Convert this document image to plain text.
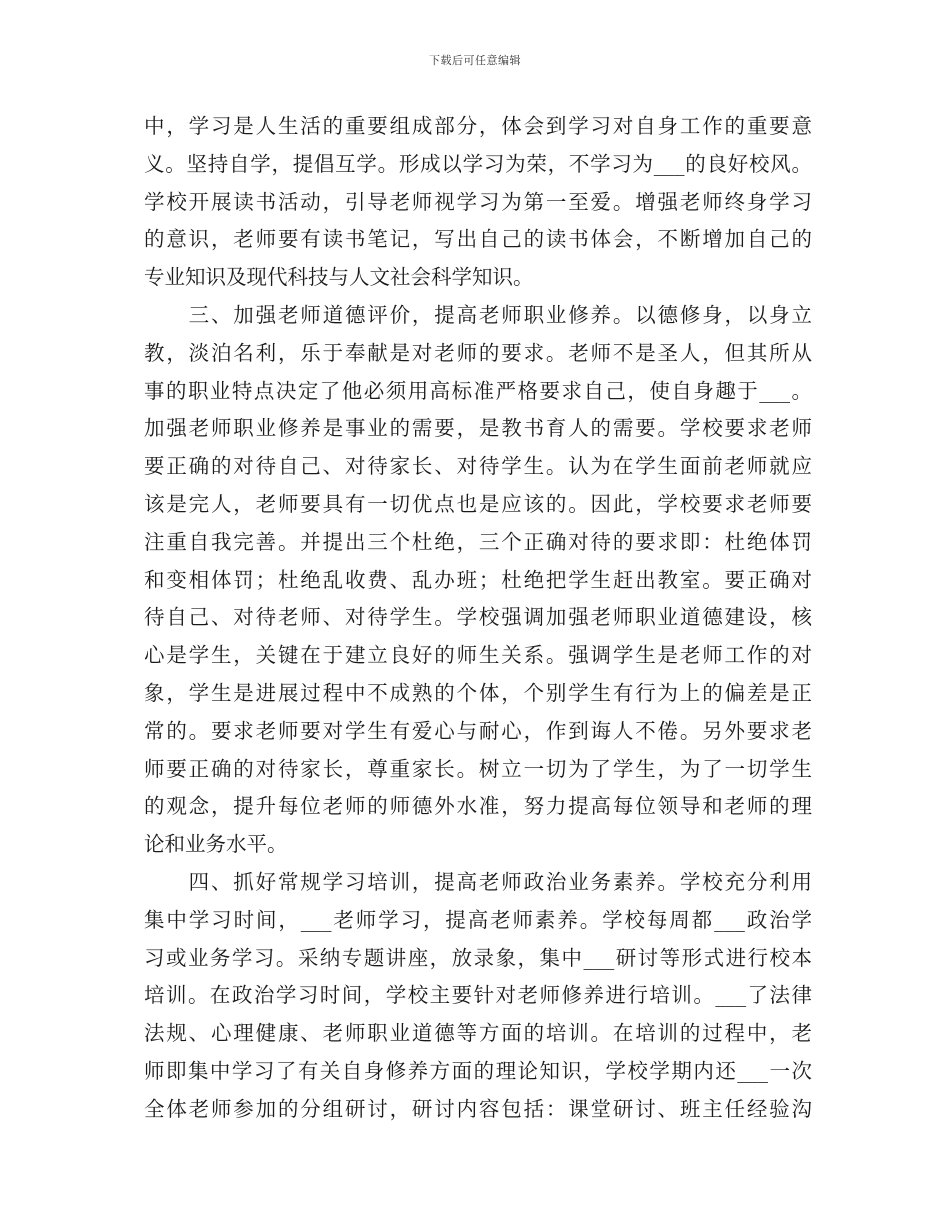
下载后可任意编辑
中，学习是人生活的重要组成部分，体会到学习对自身工作的重要意
义。坚持自学，提倡互学。形成以学习为荣，不学习为___的良好校风。
学校开展读书活动，引导老师视学习为第一至爱。增强老师终身学习
的意识，老师要有读书笔记，写出自己的读书体会，不断增加自己的
专业知识及现代科技与人文社会科学知识。
　　三、加强老师道德评价，提高老师职业修养。以德修身，以身立
教，淡泊名利，乐于奉献是对老师的要求。老师不是圣人，但其所从
事的职业特点决定了他必须用高标准严格要求自己，使自身趣于___。
加强老师职业修养是事业的需要，是教书育人的需要。学校要求老师
要正确的对待自己、对待家长、对待学生。认为在学生面前老师就应
该是完人，老师要具有一切优点也是应该的。因此，学校要求老师要
注重自我完善。并提出三个杜绝，三个正确对待的要求即：杜绝体罚
和变相体罚；杜绝乱收费、乱办班；杜绝把学生赶出教室。要正确对
待自己、对待老师、对待学生。学校强调加强老师职业道德建设，核
心是学生，关键在于建立良好的师生关系。强调学生是老师工作的对
象，学生是进展过程中不成熟的个体，个别学生有行为上的偏差是正
常的。要求老师要对学生有爱心与耐心，作到诲人不倦。另外要求老
师要正确的对待家长，尊重家长。树立一切为了学生，为了一切学生
的观念，提升每位老师的师德外水准，努力提高每位领导和老师的理
论和业务水平。
　　四、抓好常规学习培训，提高老师政治业务素养。学校充分利用
集中学习时间，___老师学习，提高老师素养。学校每周都___政治学
习或业务学习。采纳专题讲座，放录象，集中___研讨等形式进行校本
培训。在政治学习时间，学校主要针对老师修养进行培训。___了法律
法规、心理健康、老师职业道德等方面的培训。在培训的过程中，老
师即集中学习了有关自身修养方面的理论知识，学校学期内还___一次
全体老师参加的分组研讨，研讨内容包括：课堂研讨、班主任经验沟
